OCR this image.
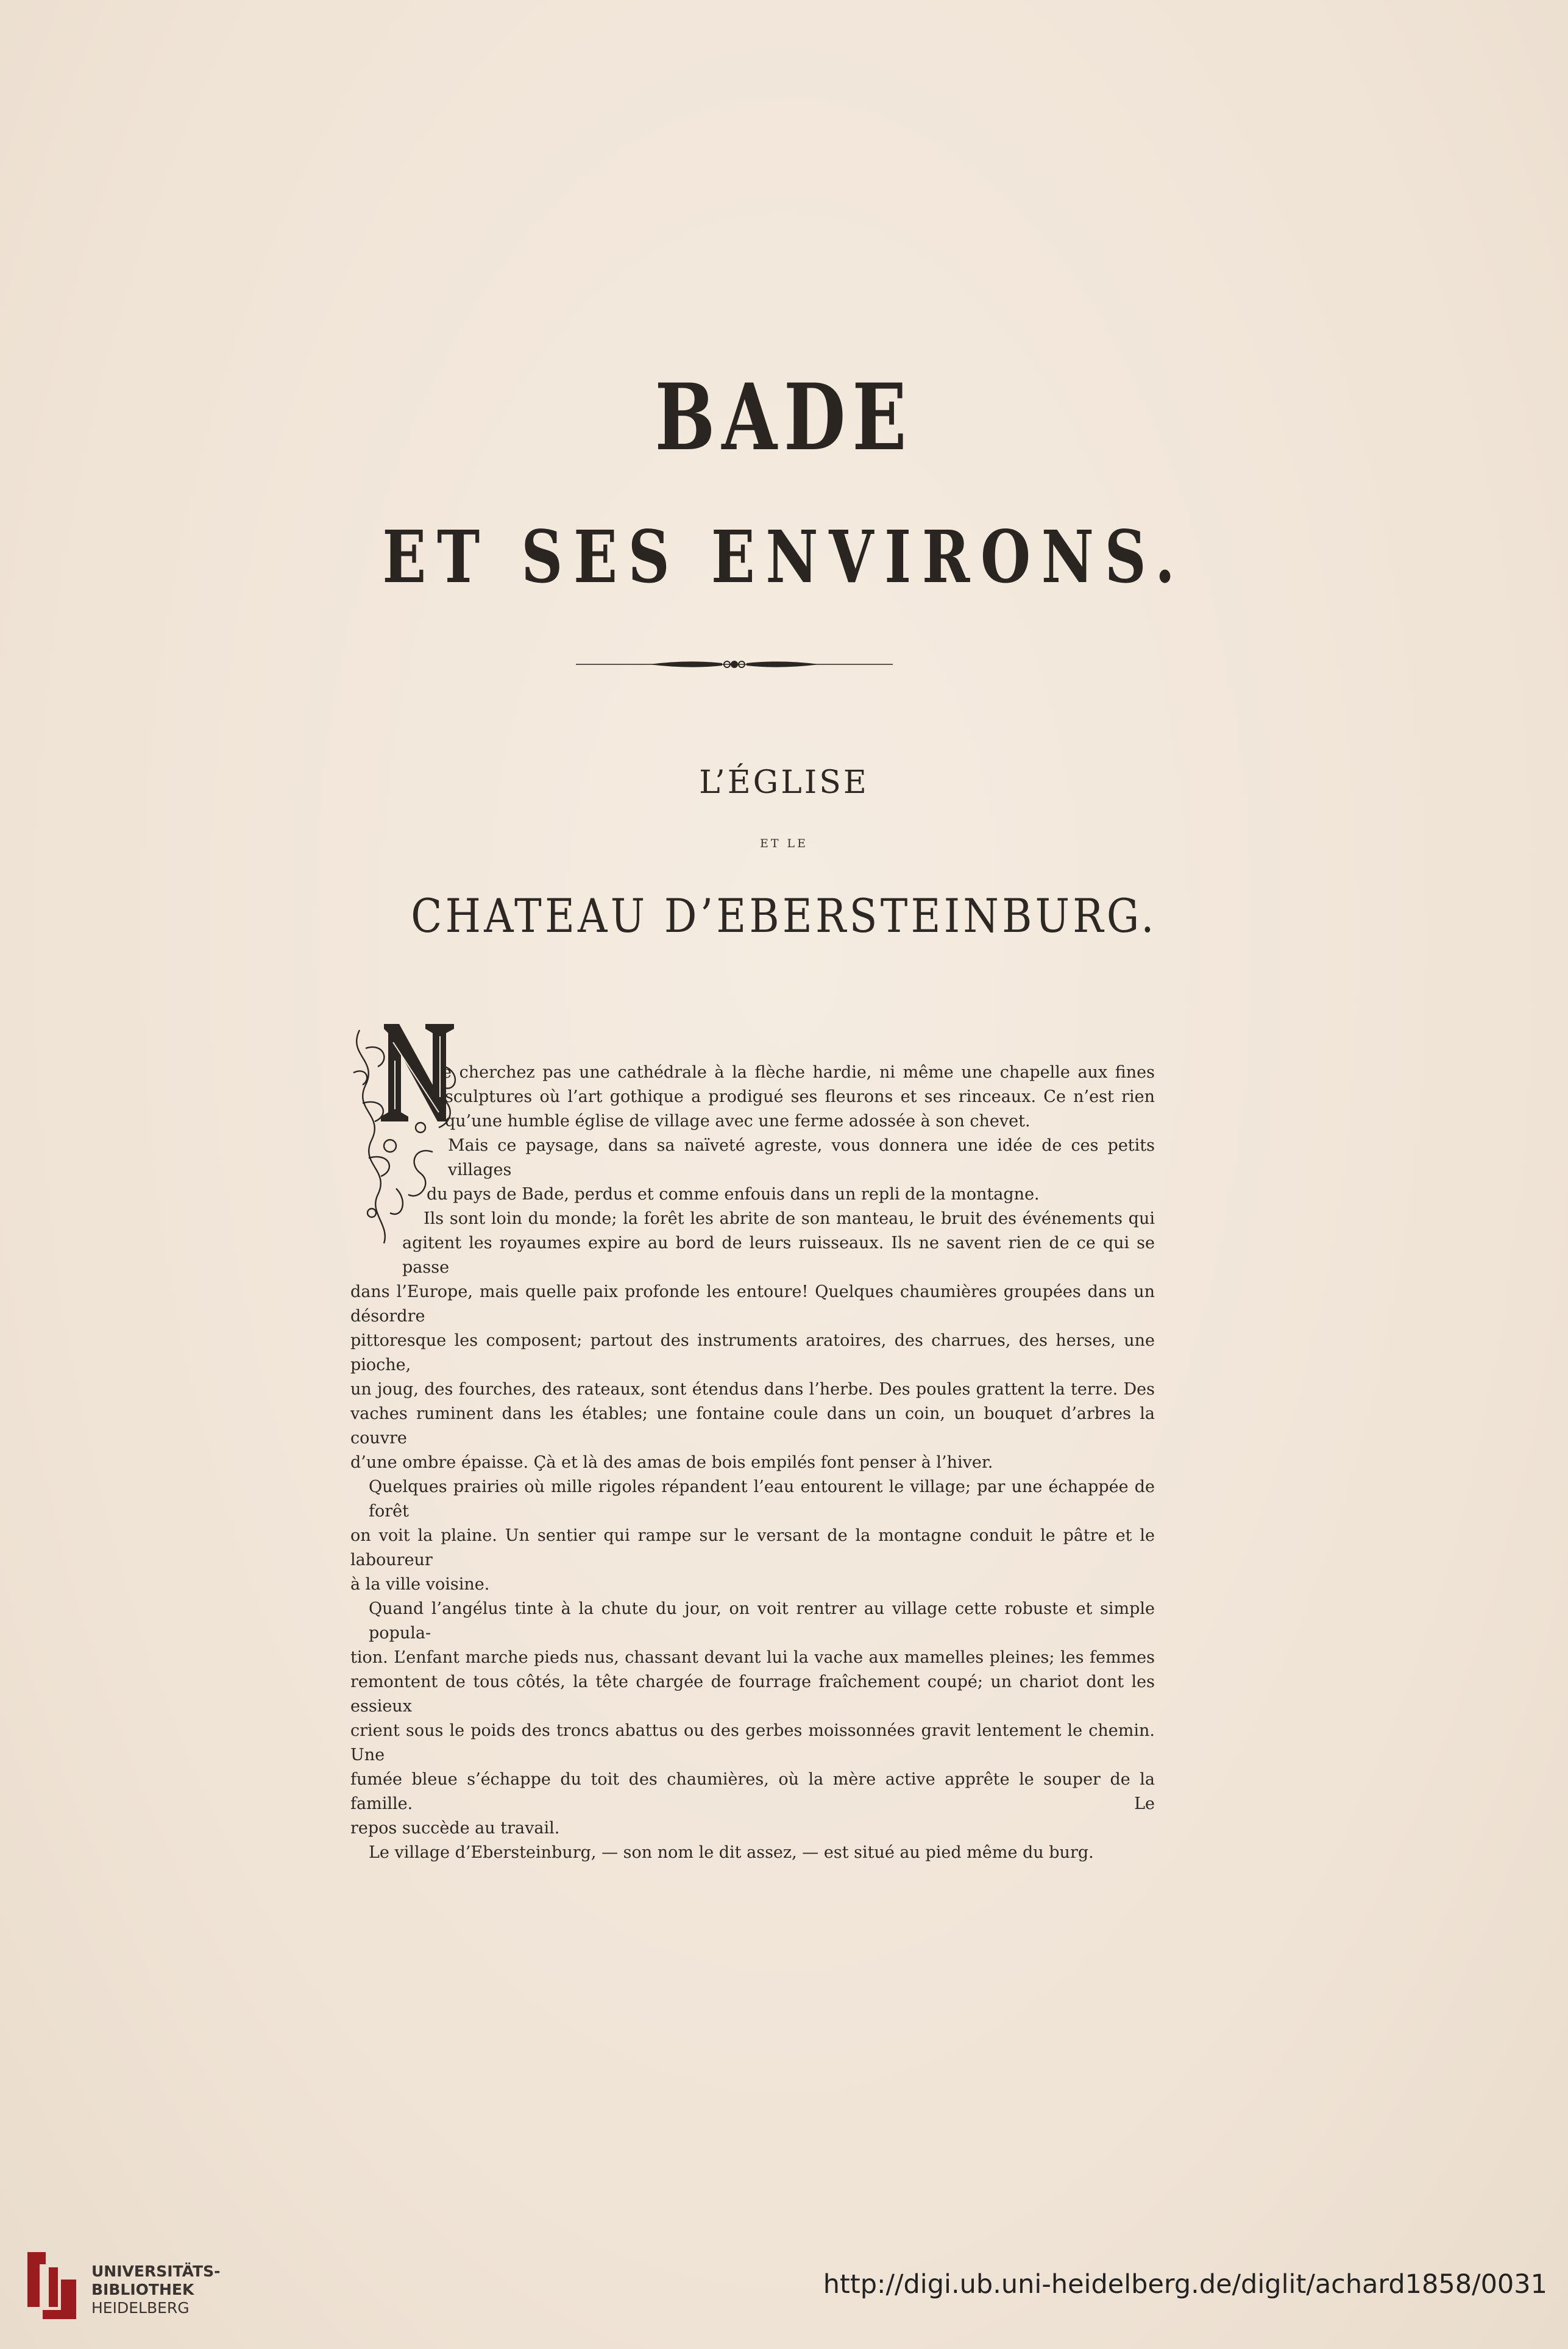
BADE
ET SES ENVIRONS.
L’ÉGLISE
ET LE
CHATEAU D’EBERSTEINBURG.
e cherchez pas une cathédrale à la flèche hardie, ni même une chapelle aux fines
sculptures où l’art gothique a prodigué ses fleurons et ses rinceaux. Ce n’est rien
qu’une humble église de village avec une ferme adossée à son chevet.
Mais ce paysage, dans sa naïveté agreste, vous donnera une idée de ces petits villages
du pays de Bade, perdus et comme enfouis dans un repli de la montagne.
Ils sont loin du monde; la forêt les abrite de son manteau, le bruit des événements qui
agitent les royaumes expire au bord de leurs ruisseaux. Ils ne savent rien de ce qui se passe
dans l’Europe, mais quelle paix profonde les entoure! Quelques chaumières groupées dans un désordre
pittoresque les composent; partout des instruments aratoires, des charrues, des herses, une pioche,
un joug, des fourches, des rateaux, sont étendus dans l’herbe. Des poules grattent la terre. Des
vaches ruminent dans les étables; une fontaine coule dans un coin, un bouquet d’arbres la couvre
d’une ombre épaisse. Çà et là des amas de bois empilés font penser à l’hiver.
Quelques prairies où mille rigoles répandent l’eau entourent le village; par une échappée de forêt
on voit la plaine. Un sentier qui rampe sur le versant de la montagne conduit le pâtre et le laboureur
à la ville voisine.
Quand l’angélus tinte à la chute du jour, on voit rentrer au village cette robuste et simple popula-
tion. L’enfant marche pieds nus, chassant devant lui la vache aux mamelles pleines; les femmes
remontent de tous côtés, la tête chargée de fourrage fraîchement coupé; un chariot dont les essieux
crient sous le poids des troncs abattus ou des gerbes moissonnées gravit lentement le chemin. Une
fumée bleue s’échappe du toit des chaumières, où la mère active apprête le souper de la famille. Le
repos succède au travail.
Le village d’Ebersteinburg, — son nom le dit assez, — est situé au pied même du burg.
UNIVERSITÄTS-
BIBLIOTHEK
HEIDELBERG
http://digi.ub.uni-heidelberg.de/diglit/achard1858/0031
